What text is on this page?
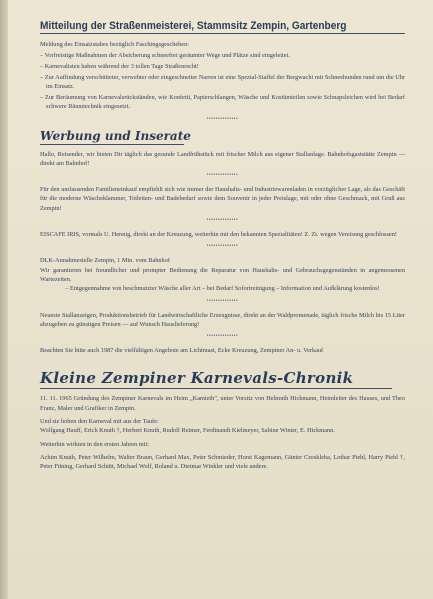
Mitteilung der Straßenmeisterei, Stammsitz Zempin, Gartenberg

Meldung des Einsatzstabes bezüglich Faschingsgeschehen:

– Vorfreistige Maßnahmen der Absicherung schneefrei geräumter Wege und Plätze sind eingeleitet.
– Karnevalisten haben während der 3 tollen Tage Straßenrecht!
– Zur Auffindung verschütteter, verwehter oder eingeschneiter Narren ist eine Spezial-Staffel der Bergwacht mit Schneehunden rund um die Uhr im Einsatz.
– Zur Beräumung von Karnevalsrückständen, wie Konfetti, Papierschlangen, Wäsche und Kostümteilen sowie Schnapsleichen wird bei Bedarf schwere Räumtechnik eingesetzt.
••••••••••••••
Werbung und Inserate

Hallo, Reisender, wir bieten Dir täglich das gesunde Landfrühstück mit frischer Milch aus eigener Stallanlage. Bahnhofsgaststätte Zempin — direkt am Bahnhof!

••••••••••••••

Für den umfassenden Familieneinkauf empfiehlt sich wie immer der Haushalts- und Industriewarenladen in vorzüglicher Lage, als das Geschäft für die moderne Wäscheklammer, Toiletten- und Badebedarf sowie dem Souvenir in jeder Preislage, mit oder ohne Geschmack, mit Gruß aus Zempin!

••••••••••••••

EISCAFE IRIS, vormals U. Hennig, direkt an der Kreuzung, weiterhin mit den bekannten Spezialitäten! Z. Zt. wegen Vereisung geschlossen!

••••••••••••••

DLK-Annahmestelle Zempin, 1 Min. vom Bahnhof
Wir garantieren bei freundlicher und prompter Bedienung die Reparatur von Haushalts- und Gebrauchsgegenständen in angemessenen Wartezeiten.

– Entgegennahme von beschmutzter Wäsche aller Art – bei Bedarf Sofortreinigung – Information und Aufklärung kostenlos!

••••••••••••••

Neueste Stallanzeigen, Produktionsbetrieb für Landwirtschaftliche Erzeugnisse, direkt an der Waldpromenade, täglich frische Milch bis 15 Liter abzugeben zu günstigen Preisen — auf Wunsch Hauslieferung!

••••••••••••••

Beachten Sie bitte auch 1987 die vielfältigen Angebote am Lichtmast, Ecke Kreuzung, Zempiner An- u. Verkauf

Kleine Zempiner Karnevals-Chronik

11. 11. 1965 Gründung des Zempiner Karnevals im Heim „Kamieth", unter Vorsitz von Helmuth Hickmann, Heimleiter des Hauses, und Theo Franz, Maler und Grafiker in Zempin.

Und sie hoben den Karneval mit aus der Taufe:

Wolfgang Hauff, Erich Knuth †, Herbert Knuth, Rudolf Reimer, Ferdinandt Kielmeyer, Sabine Winter, E. Hickmann.

Weiterhin wirkten in den ersten Jahren mit:

Achim Knuth, Peter Wilhelm, Walter Braun, Gerhard Max, Peter Schmieder, Horst Kagemann, Günter Czeskleba, Lothar Piehl, Harry Piehl †, Peter Füning, Gerhard Schütt, Michael Wolf, Roland u. Dietmar Winkler und viele andere.
